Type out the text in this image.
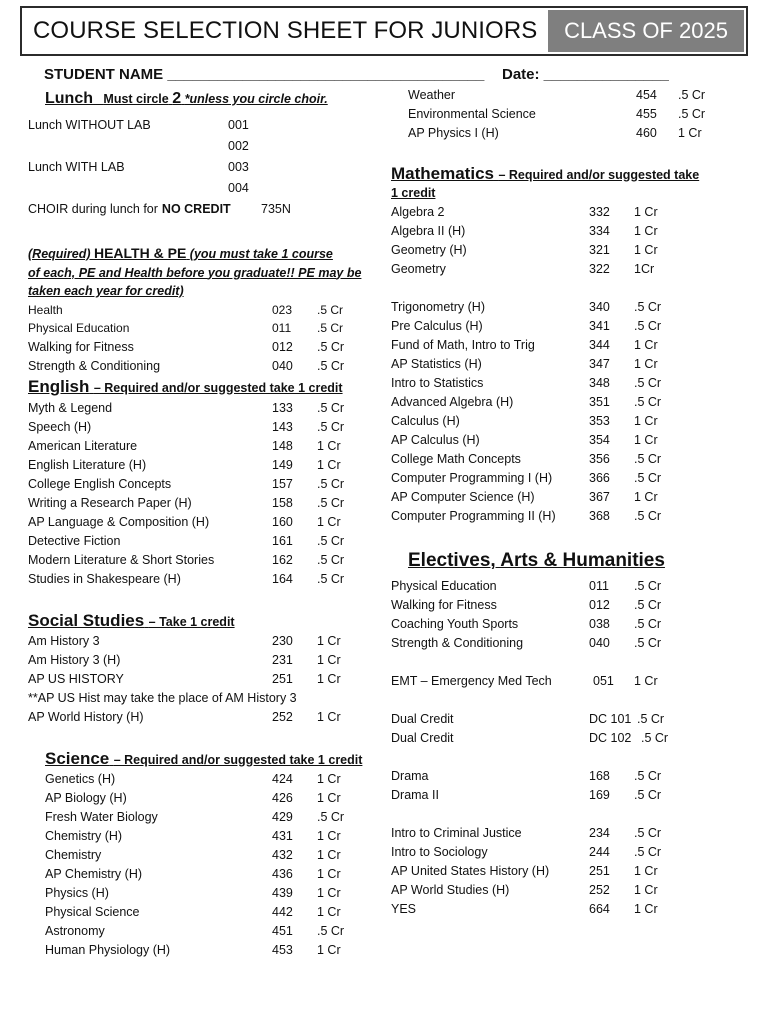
COURSE SELECTION SHEET FOR JUNIORS	CLASS OF 2025
STUDENT NAME ______________________________________ Date: _______________
Lunch Must circle 2 *unless you circle choir.
Lunch WITHOUT LAB	001
002
Lunch WITH LAB	003
004
CHOIR during lunch for NO CREDIT 735N
(Required) HEALTH & PE (you must take 1 course
of each, PE and Health before you graduate!! PE may be
taken each year for credit)
Health	023 .5 Cr
Physical Education	011 .5 Cr
Walking for Fitness	012 .5 Cr
Strength & Conditioning	040 .5 Cr
English – Required and/or suggested take 1 credit
Myth & Legend	133 .5 Cr
Speech (H)	143 .5 Cr
American Literature	148 1 Cr
English Literature (H)	149 1 Cr
College English Concepts	157 .5 Cr
Writing a Research Paper (H)	158 .5 Cr
AP Language & Composition (H)	160 1 Cr
Detective Fiction	161 .5 Cr
Modern Literature & Short Stories	162 .5 Cr
Studies in Shakespeare (H)	164 .5 Cr
Social Studies – Take 1 credit
Am History 3	230 1 Cr
Am History 3 (H)	231 1 Cr
AP US HISTORY	251 1 Cr
**AP US Hist may take the place of AM History 3
AP World History (H)	252 1 Cr
Science – Required and/or suggested take 1 credit
Genetics (H)	424 1 Cr
AP Biology (H)	426 1 Cr
Fresh Water Biology	429 .5 Cr
Chemistry (H)	431 1 Cr
Chemistry	432 1 Cr
AP Chemistry (H)	436 1 Cr
Physics (H)	439 1 Cr
Physical Science	442 1 Cr
Astronomy	451 .5 Cr
Human Physiology (H)	453 1 Cr
Weather	454 .5 Cr
Environmental Science	455 .5 Cr
AP Physics I (H)	460 1 Cr
Mathematics – Required and/or suggested take
1 credit
Algebra 2	332 1 Cr
Algebra II (H)	334 1 Cr
Geometry (H)	321 1 Cr
Geometry	322 1Cr
Trigonometry (H)	340 .5 Cr
Pre Calculus (H)	341 .5 Cr
Fund of Math, Intro to Trig	344 1 Cr
AP Statistics (H)	347 1 Cr
Intro to Statistics	348 .5 Cr
Advanced Algebra (H)	351 .5 Cr
Calculus (H)	353 1 Cr
AP Calculus (H)	354 1 Cr
College Math Concepts	356 .5 Cr
Computer Programming I (H)	366 .5 Cr
AP Computer Science (H)	367 1 Cr
Computer Programming II (H)	368 .5 Cr
Electives, Arts & Humanities
Physical Education	011 .5 Cr
Walking for Fitness	012 .5 Cr
Coaching Youth Sports	038 .5 Cr
Strength & Conditioning	040 .5 Cr
EMT – Emergency Med Tech	051 1 Cr
Dual Credit	DC 101 .5 Cr
Dual Credit	DC 102 .5 Cr
Drama	168 .5 Cr
Drama II	169 .5 Cr
Intro to Criminal Justice	234 .5 Cr
Intro to Sociology	244 .5 Cr
AP United States History (H)	251 1 Cr
AP World Studies (H)	252 1 Cr
YES	664 1 Cr
